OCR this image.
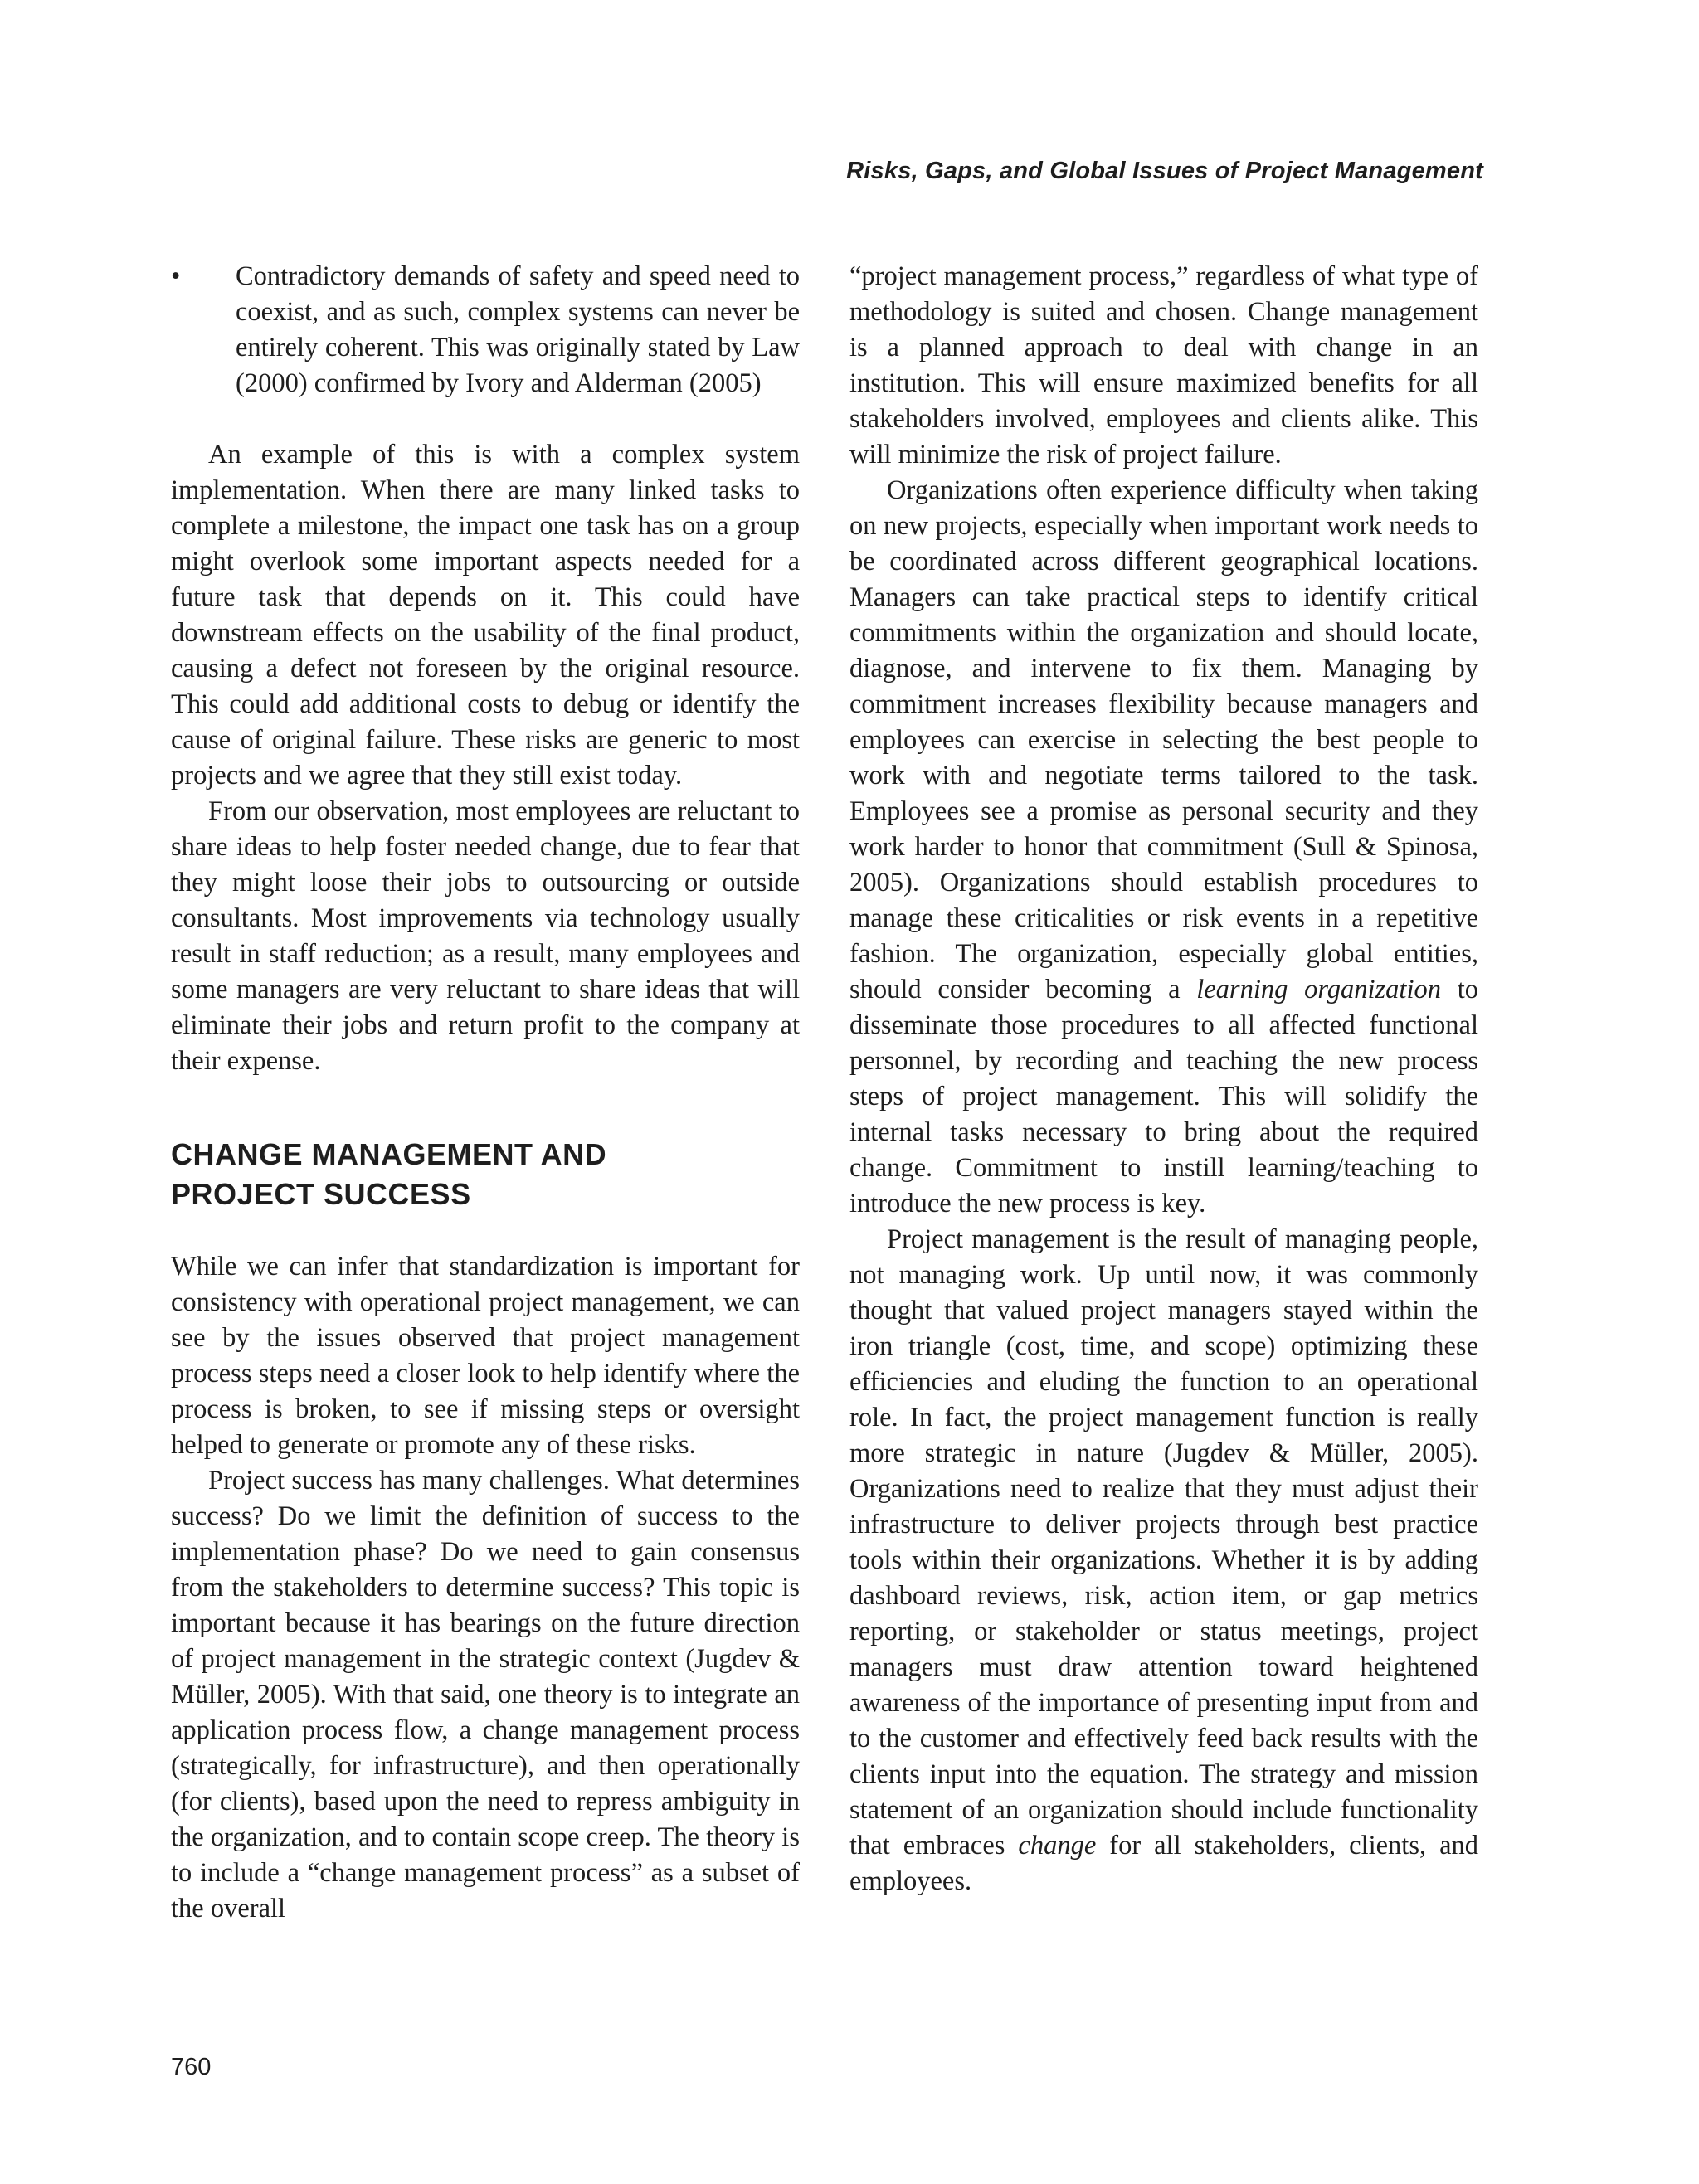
Risks, Gaps, and Global Issues of Project Management
• Contradictory demands of safety and speed need to coexist, and as such, complex systems can never be entirely coherent. This was originally stated by Law (2000) confirmed by Ivory and Alderman (2005)

An example of this is with a complex system implementation. When there are many linked tasks to complete a milestone, the impact one task has on a group might overlook some important aspects needed for a future task that depends on it. This could have downstream effects on the usability of the final product, causing a defect not foreseen by the original resource. This could add additional costs to debug or identify the cause of original failure. These risks are generic to most projects and we agree that they still exist today.

From our observation, most employees are reluctant to share ideas to help foster needed change, due to fear that they might loose their jobs to outsourcing or outside consultants. Most improvements via technology usually result in staff reduction; as a result, many employees and some managers are very reluctant to share ideas that will eliminate their jobs and return profit to the company at their expense.

CHANGE MANAGEMENT AND
PROJECT SUCCESS

While we can infer that standardization is important for consistency with operational project management, we can see by the issues observed that project management process steps need a closer look to help identify where the process is broken, to see if missing steps or oversight helped to generate or promote any of these risks.

Project success has many challenges. What determines success? Do we limit the definition of success to the implementation phase? Do we need to gain consensus from the stakeholders to determine success? This topic is important because it has bearings on the future direction of project management in the strategic context (Jugdev & Müller, 2005). With that said, one theory is to integrate an application process flow, a change management process (strategically, for infrastructure), and then operationally (for clients), based upon the need to repress ambiguity in the organization, and to contain scope creep. The theory is to include a “change management process” as a subset of the overall

“project management process,” regardless of what type of methodology is suited and chosen. Change management is a planned approach to deal with change in an institution. This will ensure maximized benefits for all stakeholders involved, employees and clients alike. This will minimize the risk of project failure.

Organizations often experience difficulty when taking on new projects, especially when important work needs to be coordinated across different geographical locations. Managers can take practical steps to identify critical commitments within the organization and should locate, diagnose, and intervene to fix them. Managing by commitment increases flexibility because managers and employees can exercise in selecting the best people to work with and negotiate terms tailored to the task. Employees see a promise as personal security and they work harder to honor that commitment (Sull & Spinosa, 2005). Organizations should establish procedures to manage these criticalities or risk events in a repetitive fashion. The organization, especially global entities, should consider becoming a learning organization to disseminate those procedures to all affected functional personnel, by recording and teaching the new process steps of project management. This will solidify the internal tasks necessary to bring about the required change. Commitment to instill learning/teaching to introduce the new process is key.

Project management is the result of managing people, not managing work. Up until now, it was commonly thought that valued project managers stayed within the iron triangle (cost, time, and scope) optimizing these efficiencies and eluding the function to an operational role. In fact, the project management function is really more strategic in nature (Jugdev & Müller, 2005). Organizations need to realize that they must adjust their infrastructure to deliver projects through best practice tools within their organizations. Whether it is by adding dashboard reviews, risk, action item, or gap metrics reporting, or stakeholder or status meetings, project managers must draw attention toward heightened awareness of the importance of presenting input from and to the customer and effectively feed back results with the clients input into the equation. The strategy and mission statement of an organization should include functionality that embraces change for all stakeholders, clients, and employees.

760
